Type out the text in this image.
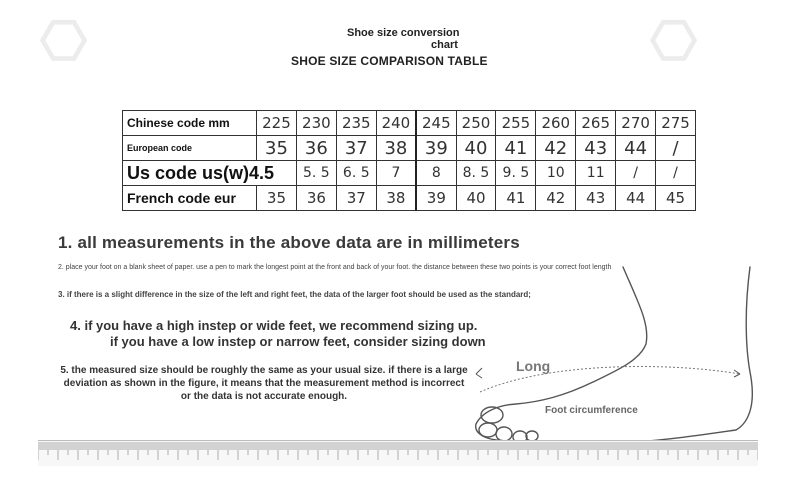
⎔	⎔
Shoe size conversion
chart
SHOE SIZE COMPARISON TABLE
Chinese code mm	225	230	235	240	245	250	255	260	265	270	275
European code	35	36	37	38	39	40	41	42	43	44	/
Us code us(w)4.5		5. 5	6. 5	7	8	8. 5	9. 5	10	11	/	/
French code eur	35	36	37	38	39	40	41	42	43	44	45
1. all measurements in the above data are in millimeters
2. place your foot on a blank sheet of paper. use a pen to mark the longest point at the front and back of your foot. the distance between these two points is your correct foot length
3. if there is a slight difference in the size of the left and right feet, the data of the larger foot should be used as the standard;
4. if you have a high instep or wide feet, we recommend sizing up.
if you have a low instep or narrow feet, consider sizing down
5. the measured size should be roughly the same as your usual size. if there is a large deviation as shown in the figure, it means that the measurement method is incorrect or the data is not accurate enough.
Long
Foot circumference
